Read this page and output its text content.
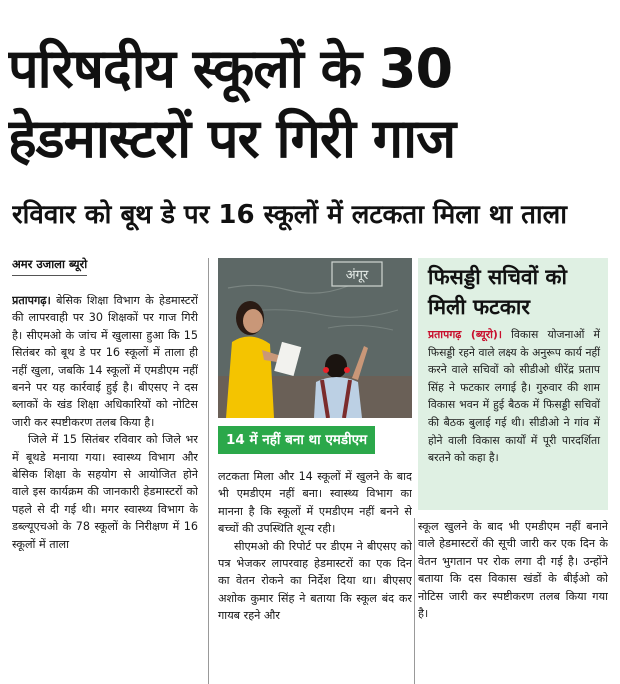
परिषदीय स्कूलों के 30
हेडमास्टरों पर गिरी गाज
रविवार को बूथ डे पर 16 स्कूलों में लटकता मिला था ताला
अमर उजाला ब्यूरो

प्रतापगढ़। बेसिक शिक्षा विभाग के हेडमास्टरों की लापरवाही पर 30 शिक्षकों पर गाज गिरी है। सीएमओ के जांच में खुलासा हुआ कि 15 सितंबर को बूथ डे पर 16 स्कूलों में ताला ही नहीं खुला, जबकि 14 स्कूलों में एमडीएम नहीं बनने पर यह कार्रवाई हुई है। बीएसए ने दस ब्लाकों के खंड शिक्षा अधिकारियों को नोटिस जारी कर स्पष्टीकरण तलब किया है।

जिले में 15 सितंबर रविवार को जिले भर में बूथडे मनाया गया। स्वास्थ्य विभाग और बेसिक शिक्षा के सहयोग से आयोजित होने वाले इस कार्यक्रम की जानकारी हेडमास्टरों को पहले से दी गई थी। मगर स्वास्थ्य विभाग के डब्ल्यूएचओ के 78 स्कूलों के निरीक्षण में 16 स्कूलों में ताला

अंगूर
14 में नहीं बना था एमडीएम

लटकता मिला और 14 स्कूलों में खुलने के बाद भी एमडीएम नहीं बना। स्वास्थ्य विभाग का मानना है कि स्कूलों में एमडीएम नहीं बनने से बच्चों की उपस्थिति शून्य रही।

सीएमओ की रिपोर्ट पर डीएम ने बीएसए को पत्र भेजकर लापरवाह हेडमास्टरों का एक दिन का वेतन रोकने का निर्देश दिया था। बीएसए अशोक कुमार सिंह ने बताया कि स्कूल बंद कर गायब रहने और

फिसड्डी सचिवों को मिली फटकार
प्रतापगढ़ (ब्यूरो)। विकास योजनाओं में फिसड्डी रहने वाले लक्ष्य के अनुरूप कार्य नहीं करने वाले सचिवों को सीडीओ धीरेंद्र प्रताप सिंह ने फटकार लगाई है। गुरुवार की शाम विकास भवन में हुई बैठक में फिसड्डी सचिवों की बैठक बुलाई गई थी। सीडीओ ने गांव में होने वाली विकास कार्यों में पूरी पारदर्शिता बरतने को कहा है।

स्कूल खुलने के बाद भी एमडीएम नहीं बनाने वाले हेडमास्टरों की सूची जारी कर एक दिन के वेतन भुगतान पर रोक लगा दी गई है। उन्होंने बताया कि दस विकास खंडों के बीईओ को नोटिस जारी कर स्पष्टीकरण तलब किया गया है।
